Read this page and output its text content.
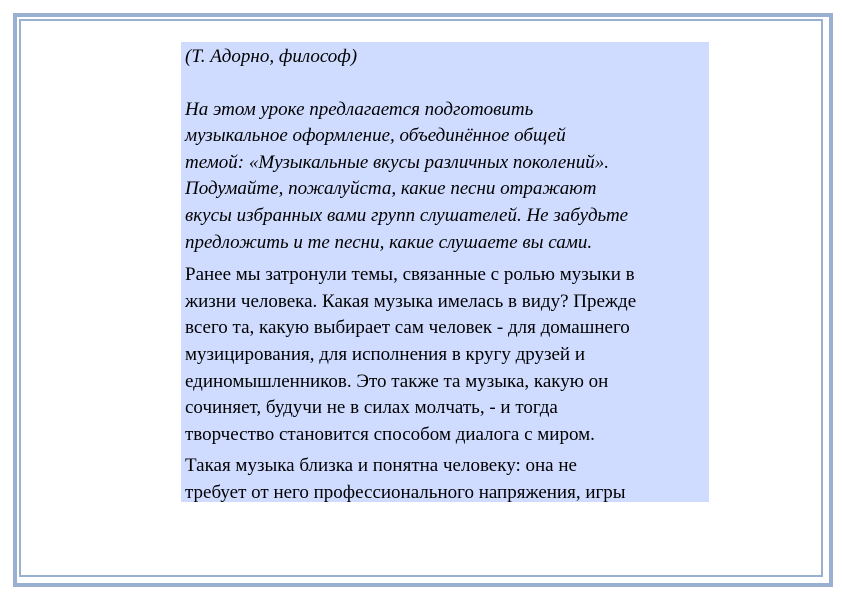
(Т. Адорно, философ)

На этом уроке предлагается подготовить
музыкальное оформление, объединённое общей
темой: «Музыкальные вкусы различных поколений».
Подумайте, пожалуйста, какие песни отражают
вкусы избранных вами групп слушателей. Не забудьте
предложить и те песни, какие слушаете вы сами.

Ранее мы затронули темы, связанные с ролью музыки в
жизни человека. Какая музыка имелась в виду? Прежде
всего та, какую выбирает сам человек - для домашнего
музицирования, для исполнения в кругу друзей и
единомышленников. Это также та музыка, какую он
сочиняет, будучи не в силах молчать, - и тогда
творчество становится способом диалога с миром.

Такая музыка близка и понятна человеку: она не
требует от него профессионального напряжения, игры
